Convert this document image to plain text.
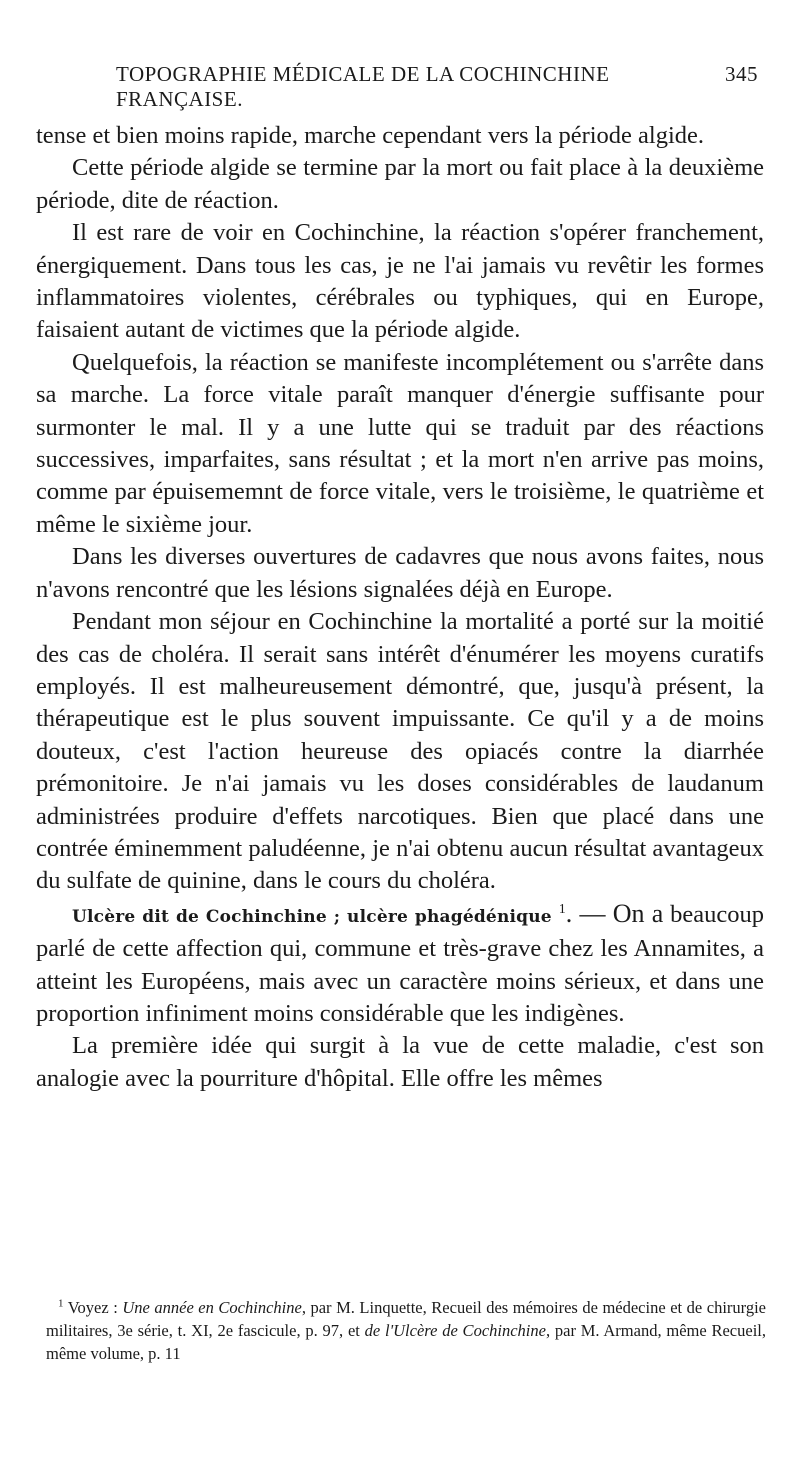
TOPOGRAPHIE MÉDICALE DE LA COCHINCHINE FRANÇAISE.
345

tense et bien moins rapide, marche cependant vers la période algide.

Cette période algide se termine par la mort ou fait place à la deuxième période, dite de réaction.

Il est rare de voir en Cochinchine, la réaction s'opérer franchement, énergiquement. Dans tous les cas, je ne l'ai jamais vu revêtir les formes inflammatoires violentes, cérébrales ou typhiques, qui en Europe, faisaient autant de victimes que la période algide.

Quelquefois, la réaction se manifeste incomplétement ou s'arrête dans sa marche. La force vitale paraît manquer d'énergie suffisante pour surmonter le mal. Il y a une lutte qui se traduit par des réactions successives, imparfaites, sans résultat ; et la mort n'en arrive pas moins, comme par épuisememnt de force vitale, vers le troisième, le quatrième et même le sixième jour.

Dans les diverses ouvertures de cadavres que nous avons faites, nous n'avons rencontré que les lésions signalées déjà en Europe.

Pendant mon séjour en Cochinchine la mortalité a porté sur la moitié des cas de choléra. Il serait sans intérêt d'énumérer les moyens curatifs employés. Il est malheureusement démontré, que, jusqu'à présent, la thérapeutique est le plus souvent impuissante. Ce qu'il y a de moins douteux, c'est l'action heureuse des opiacés contre la diarrhée prémonitoire. Je n'ai jamais vu les doses considérables de laudanum administrées produire d'effets narcotiques. Bien que placé dans une contrée éminemment paludéenne, je n'ai obtenu aucun résultat avantageux du sulfate de quinine, dans le cours du choléra.

Ulcère dit de Cochinchine ; ulcère phagédénique $^1$. — On a beaucoup parlé de cette affection qui, commune et très-grave chez les Annamites, a atteint les Européens, mais avec un caractère moins sérieux, et dans une proportion infiniment moins considérable que les indigènes.

La première idée qui surgit à la vue de cette maladie, c'est son analogie avec la pourriture d'hôpital. Elle offre les mêmes

$^1$ Voyez : Une année en Cochinchine, par M. Linquette, Recueil des mémoires de médecine et de chirurgie militaires, 3e série, t. XI, 2e fascicule, p. 97, et de l'Ulcère de Cochinchine, par M. Armand, même Recueil, même volume, p. 11
